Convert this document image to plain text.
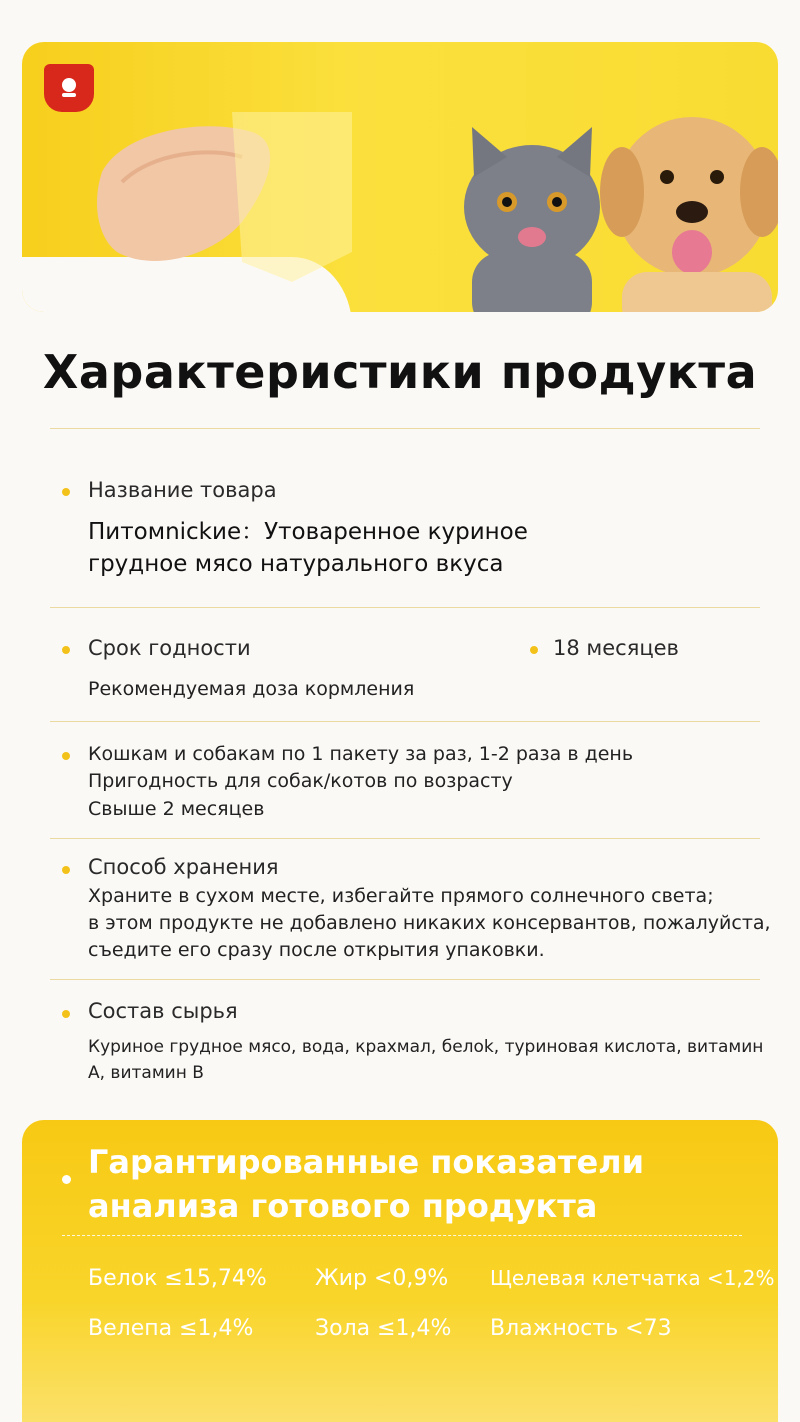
Характеристики продукта
Название товара
Питомnickие：Утоваренное куриное
грудное мясо натурального вкуса
Срок годности	18 месяцев
Рекомендуемая доза кормления
Кошкам и собакам по 1 пакету за раз, 1-2 раза в день
Пригодность для собак/котов по возрасту
Свыше 2 месяцев
Способ хранения
Храните в сухом месте, избегайте прямого солнечного света;
в этом продукте не добавлено никаких консервантов, пожалуйста,
съедите его сразу после открытия упаковки.
Состав сырья
Куриное грудное мясо, вода, крахмал, белоk, туриновая кислота, витамин
A, витамин B
Гарантированные показатели
анализа готового продукта
Белок ≤15,74% Жир <0,9% Щелевая клетчатка <1,2%
Велепа ≤1,4%	Зола ≤1,4% Влажность <73
